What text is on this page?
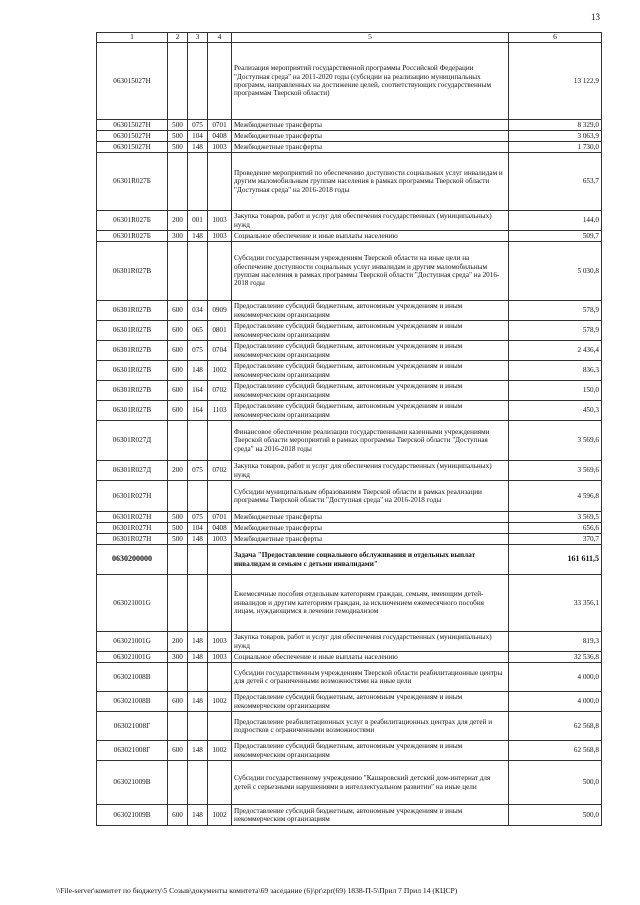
13
1	2	3	4	5	6
063015027Н				Реализация мероприятий государственной программы Российской Федерации "Доступная среда" на 2011-2020 годы (субсидии на реализацию муниципальных программ, направленных на достижение целей, соответствующих государственным программам Тверской области)	13 122,9
063015027Н	500	075	0701	Межбюджетные трансферты	8 329,0
063015027Н	500	104	0408	Межбюджетные трансферты	3 063,9
063015027Н	500	148	1003	Межбюджетные трансферты	1 730,0
06301R027Б				Проведение мероприятий по обеспечению доступности социальных услуг инвалидам и другим маломобильным группам населения в рамках программы Тверской области "Доступная среда" на 2016-2018 годы	653,7
06301R027Б	200	001	1003	Закупка товаров, работ и услуг для обеспечения государственных (муниципальных) нужд	144,0
06301R027Б	300	148	1003	Социальное обеспечение и иные выплаты населению	509,7
06301R027В				Субсидии государственным учреждениям Тверской области на иные цели на обеспечение доступности социальных услуг инвалидам и другим маломобильным группам населения в рамках программы Тверской области "Доступная среда" на 2016-2018 годы	5 030,8
06301R027В	600	034	0909	Предоставление субсидий бюджетным, автономным учреждениям и иным некоммерческим организациям	578,9
06301R027В	600	065	0801	Предоставление субсидий бюджетным, автономным учреждениям и иным некоммерческим организациям	578,9
06301R027В	600	075	0704	Предоставление субсидий бюджетным, автономным учреждениям и иным некоммерческим организациям	2 436,4
06301R027В	600	148	1002	Предоставление субсидий бюджетным, автономным учреждениям и иным некоммерческим организациям	836,3
06301R027В	600	164	0702	Предоставление субсидий бюджетным, автономным учреждениям и иным некоммерческим организациям	150,0
06301R027В	600	164	1103	Предоставление субсидий бюджетным, автономным учреждениям и иным некоммерческим организациям	450,3
06301R027Д				Финансовое обеспечение реализации государственными казенными учреждениями Тверской области мероприятий в рамках программы Тверской области "Доступная среда" на 2016-2018 годы	3 569,6
06301R027Д	200	075	0702	Закупка товаров, работ и услуг для обеспечения государственных (муниципальных) нужд	3 569,6
06301R027Н				Субсидии муниципальным образованиям Тверской области в рамках реализации программы Тверской области "Доступная среда" на 2016-2018 годы	4 596,8
06301R027Н	500	075	0701	Межбюджетные трансферты	3 569,5
06301R027Н	500	104	0408	Межбюджетные трансферты	656,6
06301R027Н	500	148	1003	Межбюджетные трансферты	370,7
0630200000				Задача "Предоставление социального обслуживания и отдельных выплат инвалидам и семьям с детьми инвалидами"	161 611,5
063021001G				Ежемесячные пособия отдельным категориям граждан, семьям, имеющим детей-инвалидов и другим категориям граждан, за исключением ежемесячного пособия лицам, нуждающимся в лечении гемодиализом	33 356,1
063021001G	200	148	1003	Закупка товаров, работ и услуг для обеспечения государственных (муниципальных) нужд	819,3
063021001G	300	148	1003	Социальное обеспечение и иные выплаты населению	32 536,8
063021008В				Субсидии государственным учреждениям Тверской области реабилитационные центры для детей с ограниченными возможностями на иные цели	4 000,0
063021008В	600	148	1002	Предоставление субсидий бюджетным, автономным учреждениям и иным некоммерческим организациям	4 000,0
063021008Г				Предоставление реабилитационных услуг в реабилитационных центрах для детей и подростков с ограниченными возможностями	62 568,8
063021008Г	600	148	1002	Предоставление субсидий бюджетным, автономным учреждениям и иным некоммерческим организациям	62 568,8
063021009В				Субсидии государственному учреждению "Кашаровский детский дом-интернат для детей с серьезными нарушениями в интеллектуальном развитии" на иные цели	500,0
063021009В	600	148	1002	Предоставление субсидий бюджетным, автономным учреждениям и иным некоммерческим организациям	500,0
\\File-server\комитет по бюджету\5 Созыв\документы комитета\69 заседание (6)\pr\zpr(69) 1838-П-5\Прил 7 Прил 14 (КЦСР)
